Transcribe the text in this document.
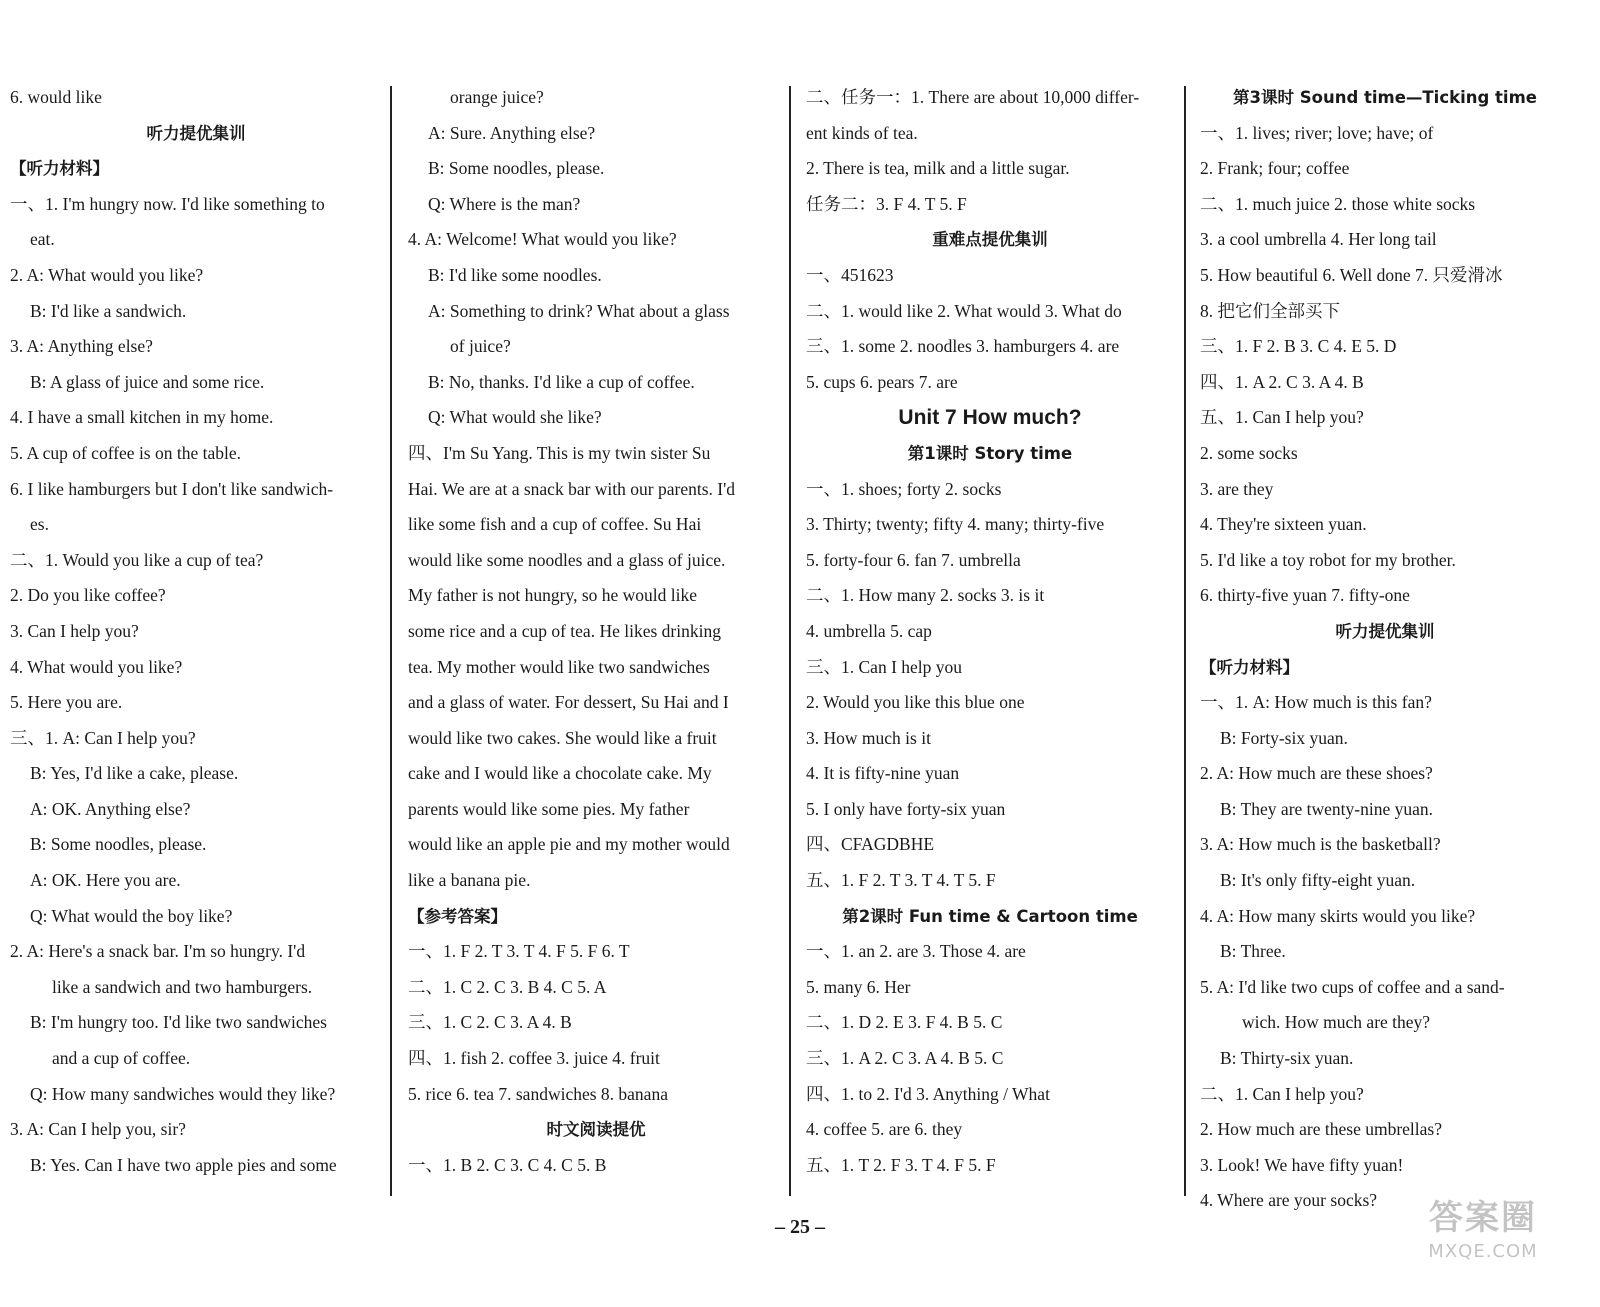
6. would like
听力提优集训
【听力材料】
一、1. I'm hungry now. I'd like something to
eat.
2. A: What would you like?
B: I'd like a sandwich.
3. A: Anything else?
B: A glass of juice and some rice.
4. I have a small kitchen in my home.
5. A cup of coffee is on the table.
6. I like hamburgers but I don't like sandwich-
es.
二、1. Would you like a cup of tea?
2. Do you like coffee?
3. Can I help you?
4. What would you like?
5. Here you are.
三、1. A: Can I help you?
B: Yes, I'd like a cake, please.
A: OK. Anything else?
B: Some noodles, please.
A: OK. Here you are.
Q: What would the boy like?
2. A: Here's a snack bar. I'm so hungry. I'd
like a sandwich and two hamburgers.
B: I'm hungry too. I'd like two sandwiches
and a cup of coffee.
Q: How many sandwiches would they like?
3. A: Can I help you, sir?
B: Yes. Can I have two apple pies and some
orange juice?
A: Sure. Anything else?
B: Some noodles, please.
Q: Where is the man?
4. A: Welcome! What would you like?
B: I'd like some noodles.
A: Something to drink? What about a glass
of juice?
B: No, thanks. I'd like a cup of coffee.
Q: What would she like?
四、I'm Su Yang. This is my twin sister Su
Hai. We are at a snack bar with our parents. I'd
like some fish and a cup of coffee. Su Hai
would like some noodles and a glass of juice.
My father is not hungry, so he would like
some rice and a cup of tea. He likes drinking
tea. My mother would like two sandwiches
and a glass of water. For dessert, Su Hai and I
would like two cakes. She would like a fruit
cake and I would like a chocolate cake. My
parents would like some pies. My father
would like an apple pie and my mother would
like a banana pie.
【参考答案】
一、1. F 2. T 3. T 4. F 5. F 6. T
二、1. C 2. C 3. B 4. C 5. A
三、1. C 2. C 3. A 4. B
四、1. fish 2. coffee 3. juice 4. fruit
5. rice 6. tea 7. sandwiches 8. banana
时文阅读提优
一、1. B 2. C 3. C 4. C 5. B
二、任务一：1. There are about 10,000 differ-
ent kinds of tea.
2. There is tea, milk and a little sugar.
任务二：3. F 4. T 5. F
重难点提优集训
一、451623
二、1. would like 2. What would 3. What do
三、1. some 2. noodles 3. hamburgers 4. are
5. cups 6. pears 7. are
Unit 7 How much?
第1课时 Story time
一、1. shoes; forty 2. socks
3. Thirty; twenty; fifty 4. many; thirty-five
5. forty-four 6. fan 7. umbrella
二、1. How many 2. socks 3. is it
4. umbrella 5. cap
三、1. Can I help you
2. Would you like this blue one
3. How much is it
4. It is fifty-nine yuan
5. I only have forty-six yuan
四、CFAGDBHE
五、1. F 2. T 3. T 4. T 5. F
第2课时 Fun time & Cartoon time
一、1. an 2. are 3. Those 4. are
5. many 6. Her
二、1. D 2. E 3. F 4. B 5. C
三、1. A 2. C 3. A 4. B 5. C
四、1. to 2. I'd 3. Anything / What
4. coffee 5. are 6. they
五、1. T 2. F 3. T 4. F 5. F
第3课时 Sound time—Ticking time
一、1. lives; river; love; have; of
2. Frank; four; coffee
二、1. much juice 2. those white socks
3. a cool umbrella 4. Her long tail
5. How beautiful 6. Well done 7. 只爱滑冰
8. 把它们全部买下
三、1. F 2. B 3. C 4. E 5. D
四、1. A 2. C 3. A 4. B
五、1. Can I help you?
2. some socks
3. are they
4. They're sixteen yuan.
5. I'd like a toy robot for my brother.
6. thirty-five yuan 7. fifty-one
听力提优集训
【听力材料】
一、1. A: How much is this fan?
B: Forty-six yuan.
2. A: How much are these shoes?
B: They are twenty-nine yuan.
3. A: How much is the basketball?
B: It's only fifty-eight yuan.
4. A: How many skirts would you like?
B: Three.
5. A: I'd like two cups of coffee and a sand-
wich. How much are they?
B: Thirty-six yuan.
二、1. Can I help you?
2. How much are these umbrellas?
3. Look! We have fifty yuan!
4. Where are your socks?
– 25 –	答案圈
MXQE.COM
